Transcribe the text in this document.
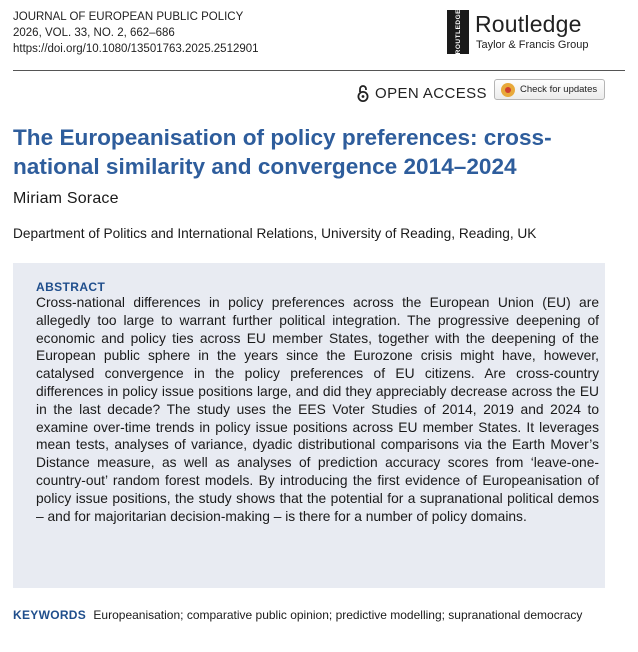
JOURNAL OF EUROPEAN PUBLIC POLICY
2026, VOL. 33, NO. 2, 662–686
https://doi.org/10.1080/13501763.2025.2512901	ROUTLEDGE Routledge
Taylor & Francis Group
OPEN ACCESS	Check for updates
The Europeanisation of policy preferences: cross-national similarity and convergence 2014–2024
Miriam Sorace
Department of Politics and International Relations, University of Reading, Reading, UK
ABSTRACT

Cross-national differences in policy preferences across the European Union (EU) are allegedly too large to warrant further political integration. The progressive deepening of economic and policy ties across EU member States, together with the deepening of the European public sphere in the years since the Eurozone crisis might have, however, catalysed convergence in the policy preferences of EU citizens. Are cross-country differences in policy issue positions large, and did they appreciably decrease across the EU in the last decade? The study uses the EES Voter Studies of 2014, 2019 and 2024 to examine over-time trends in policy issue positions across EU member States. It leverages mean tests, analyses of variance, dyadic distributional comparisons via the Earth Mover’s Distance measure, as well as analyses of prediction accuracy scores from ‘leave-one-country-out’ random forest models. By introducing the first evidence of Europeanisation of policy issue positions, the study shows that the potential for a supranational political demos – and for majoritarian decision-making – is there for a number of policy domains.

KEYWORDS Europeanisation; comparative public opinion; predictive modelling; supranational democracy
